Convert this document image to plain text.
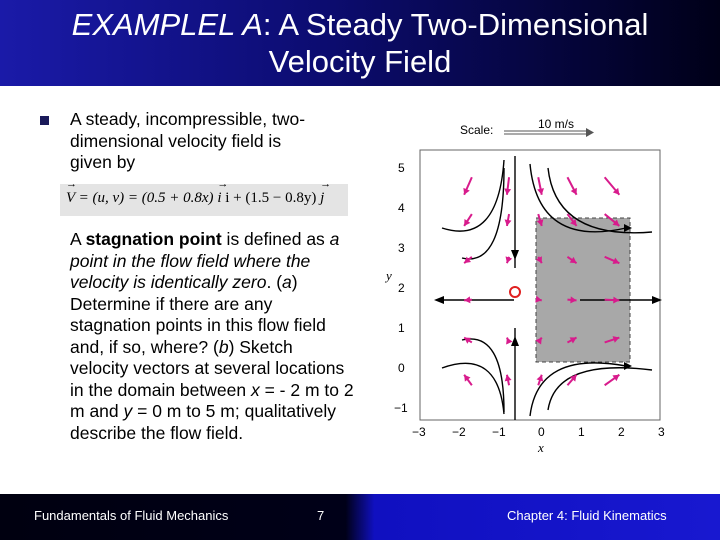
EXAMPLEL A: A Steady Two-Dimensional
Velocity Field
A steady, incompressible, two-
dimensional velocity field is
given by
→ V = (u, v) = (0.5 + 0.8x) → i i + (1.5 − 0.8y) → j
A stagnation point is defined as a point in the flow field where the velocity is identically zero. (a) Determine if there are any stagnation points in this flow field and, if so, where? (b) Sketch velocity vectors at several locations in the domain between x = - 2 m to 2 m and y = 0 m to 5 m; qualitatively describe the flow field.
Scale:	10 m/s
5
4
3
2
1
0
−1
y
−3 −2 −1	0	1	2	3
x
Fundamentals of Fluid Mechanics	7	Chapter 4: Fluid Kinematics
